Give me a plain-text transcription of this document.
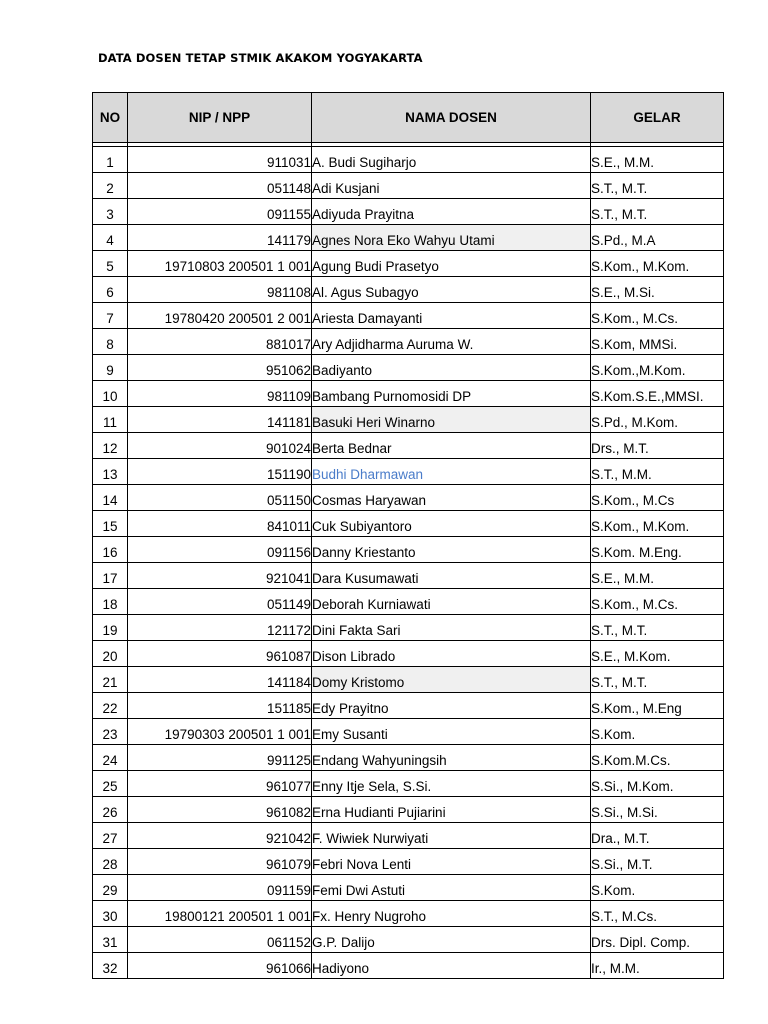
DATA DOSEN TETAP STMIK AKAKOM YOGYAKARTA
NO	NIP / NPP	NAMA DOSEN	GELAR

1	911031	A. Budi Sugiharjo	S.E., M.M.
2	051148	Adi Kusjani	S.T., M.T.
3	091155	Adiyuda Prayitna	S.T., M.T.
4	141179	Agnes Nora Eko Wahyu Utami	S.Pd., M.A
5	19710803 200501 1 001	Agung Budi Prasetyo	S.Kom., M.Kom.
6	981108	Al. Agus Subagyo	S.E., M.Si.
7	19780420 200501 2 001	Ariesta Damayanti	S.Kom., M.Cs.
8	881017	Ary Adjidharma Auruma W.	S.Kom, MMSi.
9	951062	Badiyanto	S.Kom.,M.Kom.
10	981109	Bambang Purnomosidi DP	S.Kom.S.E.,MMSI.
11	141181	Basuki Heri Winarno	S.Pd., M.Kom.
12	901024	Berta Bednar	Drs., M.T.
13	151190	Budhi Dharmawan	S.T., M.M.
14	051150	Cosmas Haryawan	S.Kom., M.Cs
15	841011	Cuk Subiyantoro	S.Kom., M.Kom.
16	091156	Danny Kriestanto	S.Kom. M.Eng.
17	921041	Dara Kusumawati	S.E., M.M.
18	051149	Deborah Kurniawati	S.Kom., M.Cs.
19	121172	Dini Fakta Sari	S.T., M.T.
20	961087	Dison Librado	S.E., M.Kom.
21	141184	Domy Kristomo	S.T., M.T.
22	151185	Edy Prayitno	S.Kom., M.Eng
23	19790303 200501 1 001	Emy Susanti	S.Kom.
24	991125	Endang Wahyuningsih	S.Kom.M.Cs.
25	961077	Enny Itje Sela, S.Si.	S.Si., M.Kom.
26	961082	Erna Hudianti Pujiarini	S.Si., M.Si.
27	921042	F. Wiwiek Nurwiyati	Dra., M.T.
28	961079	Febri Nova Lenti	S.Si., M.T.
29	091159	Femi Dwi Astuti	S.Kom.
30	19800121 200501 1 001	Fx. Henry Nugroho	S.T., M.Cs.
31	061152	G.P. Dalijo	Drs. Dipl. Comp.
32	961066	Hadiyono	Ir., M.M.
